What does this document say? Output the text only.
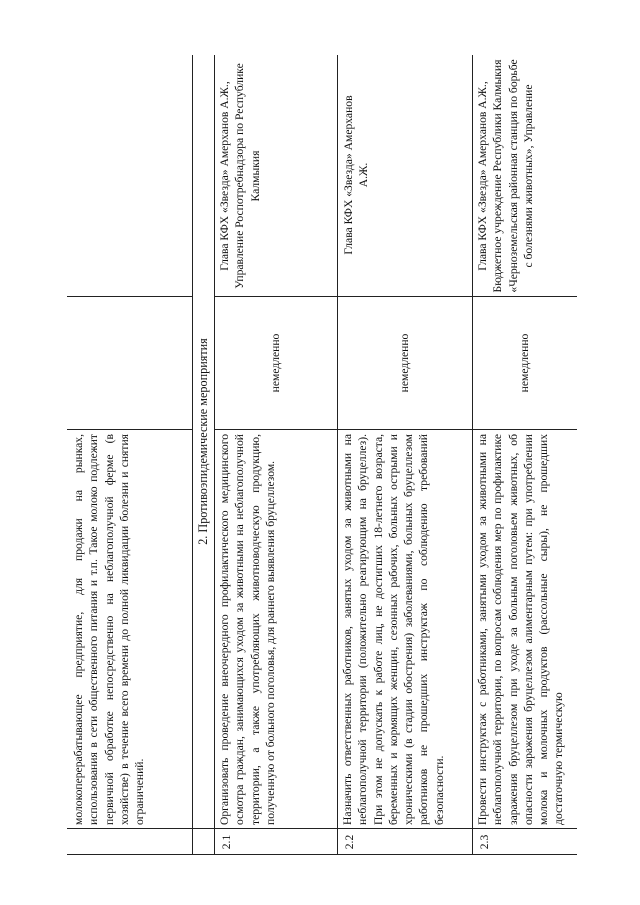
молокоперерабатывающее предприятие, для продажи на рынках, использования в сети общественного питания и т.п. Такое молоко подлежит первичной обработке непосредственно на неблагополучной ферме (в хозяйстве) в течение всего времени до полной ликвидации болезни и снятия ограничений.
2. Противоэпидемические мероприятия
2.1
Организовать проведение внеочередного профилактического медицинского осмотра граждан, занимающихся уходом за животными на неблагополучной территории, а также употребляющих животноводческую продукцию, полученную от больного поголовья, для раннего выявления бруцеллезом.
немедленно
Глава КФХ «Звезда» Амерханов А.Ж., Управление Роспотребнадзора по Республике Калмыкия
2.2
Назначить ответственных работников, занятых уходом за животными на неблагополучной территории (положительно реагирующим на бруцеллез). При этом не допускать к работе лиц, не достигших 18-летнего возраста, беременных и кормящих женщин, сезонных рабочих, больных острыми и хроническими (в стадии обострения) заболеваниями, больных бруцеллезом работников не прошедших инструктаж по соблюдению требований безопасности.
немедленно
Глава КФХ «Звезда» Амерханов А.Ж.
2.3
Провести инструктаж с работниками, занятыми уходом за животными на неблагополучной территории, по вопросам соблюдения мер по профилактике заражения бруцеллезом при уходе за больным поголовьем животных, об опасности заражения бруцеллезом алиментарным путем: при употреблении молока и молочных продуктов (рассольные сыры), не прошедших достаточную термическую
немедленно
Глава КФХ «Звезда» Амерханов А.Ж., Бюджетное учреждение Республики Калмыкия «Черноземельская районная станция по борьбе с болезнями животных», Управление
